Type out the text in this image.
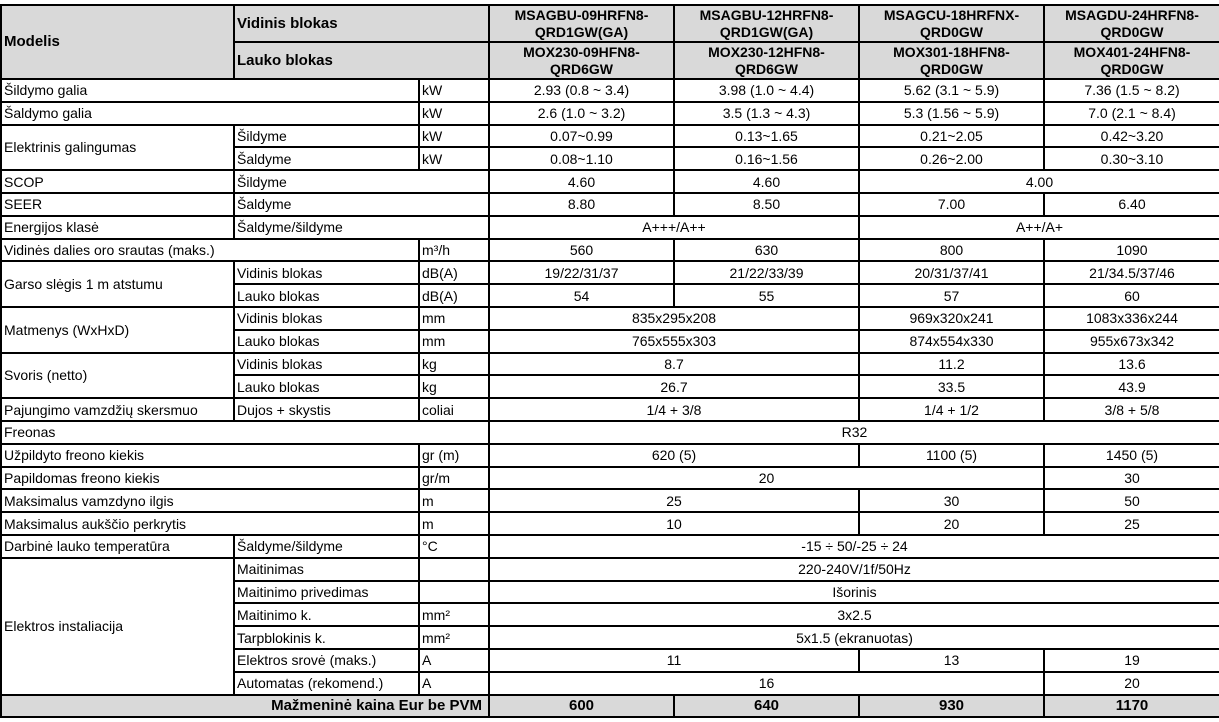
Modelis	Vidinis blokas		MSAGBU-09HRFN8-QRD1GW(GA)	MSAGBU-12HRFN8-QRD1GW(GA)	MSAGCU-18HRFNX-QRD0GW	MSAGDU-24HRFN8-QRD0GW
	Lauko blokas		MOX230-09HFN8-QRD6GW	MOX230-12HFN8-QRD6GW	MOX301-18HFN8-QRD0GW	MOX401-24HFN8-QRD0GW
Šildymo galia		kW	2.93 (0.8 ~ 3.4)	3.98 (1.0 ~ 4.4)	5.62 (3.1 ~ 5.9)	7.36 (1.5 ~ 8.2)
Šaldymo galia		kW	2.6 (1.0 ~ 3.2)	3.5 (1.3 ~ 4.3)	5.3 (1.56 ~ 5.9)	7.0 (2.1 ~ 8.4)
Elektrinis galingumas	Šildyme	kW	0.07~0.99	0.13~1.65	0.21~2.05	0.42~3.20
	Šaldyme	kW	0.08~1.10	0.16~1.56	0.26~2.00	0.30~3.10
SCOP	Šildyme		4.60	4.60	4.00	
SEER	Šaldyme		8.80	8.50	7.00	6.40
Energijos klasė	Šaldyme/šildyme		A+++/A++		A++/A+	
Vidinės dalies oro srautas (maks.)		m³/h	560	630	800	1090
Garso slėgis 1 m atstumu	Vidinis blokas	dB(A)	19/22/31/37	21/22/33/39	20/31/37/41	21/34.5/37/46
	Lauko blokas	dB(A)	54	55	57	60
Matmenys (WxHxD)	Vidinis blokas	mm	835x295x208		969x320x241	1083x336x244
	Lauko blokas	mm	765x555x303		874x554x330	955x673x342
Svoris (netto)	Vidinis blokas	kg	8.7		11.2	13.6
	Lauko blokas	kg	26.7		33.5	43.9
Pajungimo vamzdžių skersmuo	Dujos + skystis	coliai	1/4 + 3/8		1/4 + 1/2	3/8 + 5/8
Freonas			R32			
Užpildyto freono kiekis		gr (m)	620 (5)		1100 (5)	1450 (5)
Papildomas freono kiekis		gr/m	20			30
Maksimalus vamzdyno ilgis		m	25		30	50
Maksimalus aukščio perkrytis		m	10		20	25
Darbinė lauko temperatūra	Šaldyme/šildyme	°C	-15 ÷ 50/-25 ÷ 24			
Elektros instaliacija	Maitinimas		220-240V/1f/50Hz			
	Maitinimo privedimas		Išorinis			
	Maitinimo k.	mm²	3x2.5			
	Tarpblokinis k.	mm²	5x1.5 (ekranuotas)			
	Elektros srovė (maks.)	A	11		13	19
	Automatas (rekomend.)	A	16			20
Mažmeninė kaina Eur be PVM			600	640	930	1170
